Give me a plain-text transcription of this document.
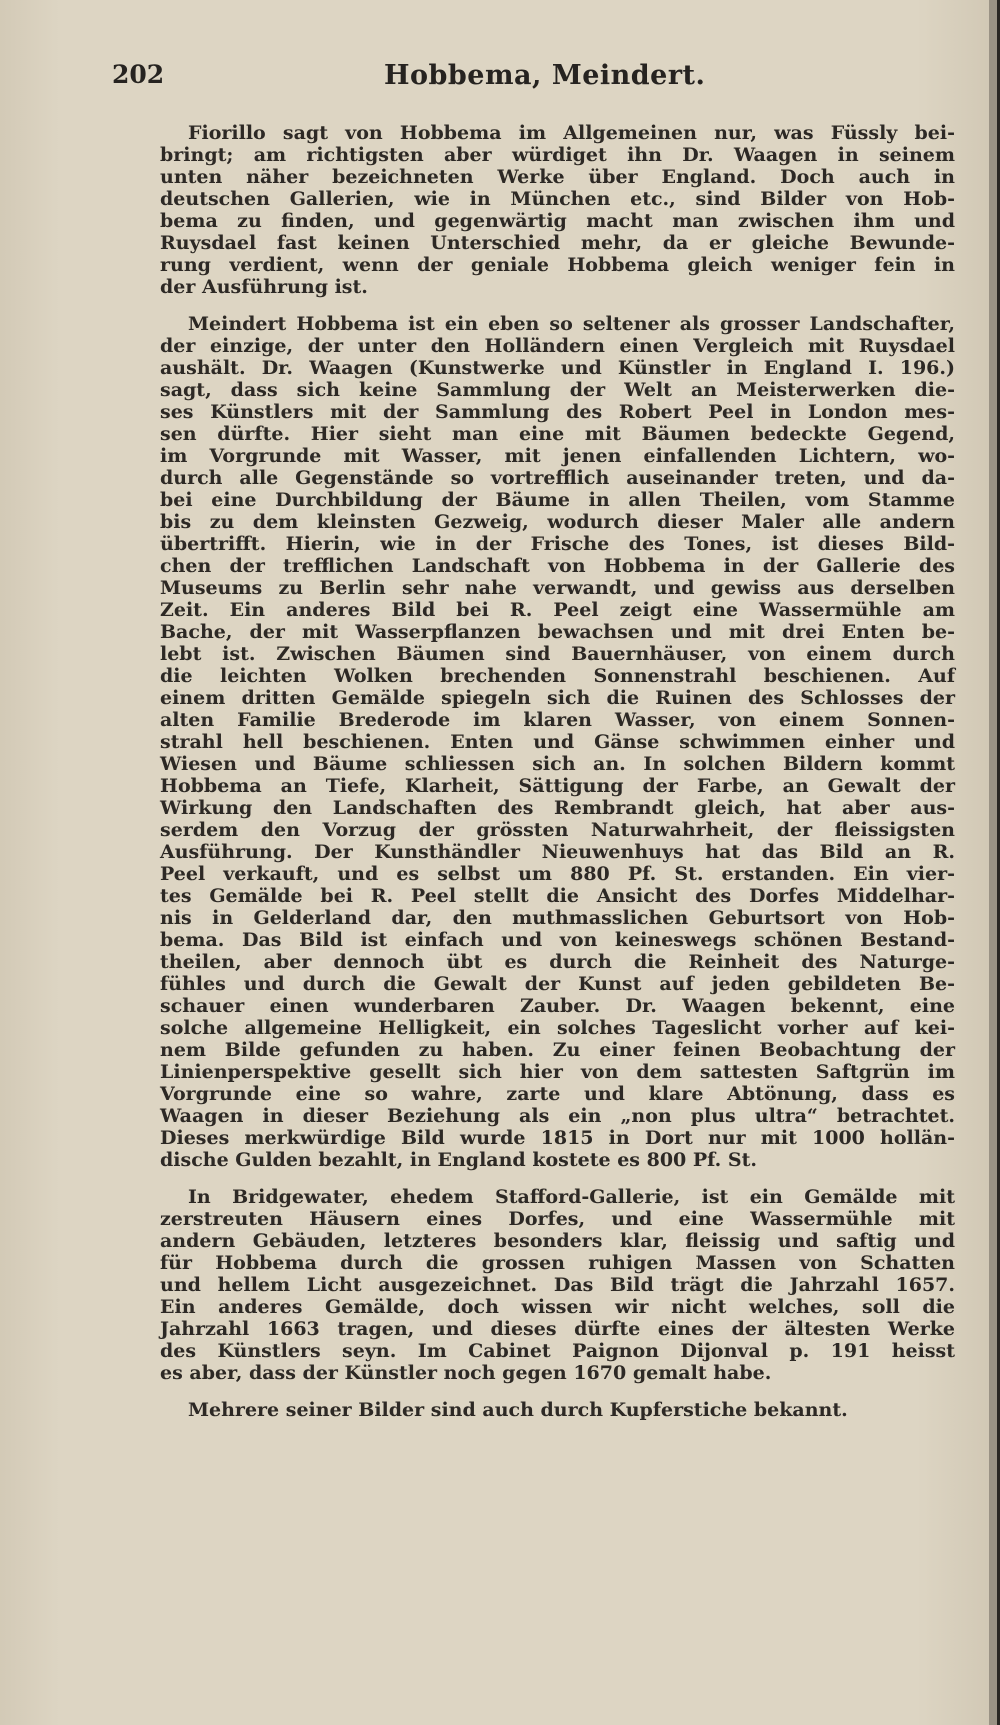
202	Hobbema, Meindert.
Fiorillo sagt von Hobbema im Allgemeinen nur, was Füssly bei-
bringt; am richtigsten aber würdiget ihn Dr. Waagen in seinem
unten näher bezeichneten Werke über England. Doch auch in
deutschen Gallerien, wie in München etc., sind Bilder von Hob-
bema zu finden, und gegenwärtig macht man zwischen ihm und
Ruysdael fast keinen Unterschied mehr, da er gleiche Bewunde-
rung verdient, wenn der geniale Hobbema gleich weniger fein in
der Ausführung ist.
Meindert Hobbema ist ein eben so seltener als grosser Landschafter,
der einzige, der unter den Holländern einen Vergleich mit Ruysdael
aushält. Dr. Waagen (Kunstwerke und Künstler in England I. 196.)
sagt, dass sich keine Sammlung der Welt an Meisterwerken die-
ses Künstlers mit der Sammlung des Robert Peel in London mes-
sen dürfte. Hier sieht man eine mit Bäumen bedeckte Gegend,
im Vorgrunde mit Wasser, mit jenen einfallenden Lichtern, wo-
durch alle Gegenstände so vortrefflich auseinander treten, und da-
bei eine Durchbildung der Bäume in allen Theilen, vom Stamme
bis zu dem kleinsten Gezweig, wodurch dieser Maler alle andern
übertrifft. Hierin, wie in der Frische des Tones, ist dieses Bild-
chen der trefflichen Landschaft von Hobbema in der Gallerie des
Museums zu Berlin sehr nahe verwandt, und gewiss aus derselben
Zeit. Ein anderes Bild bei R. Peel zeigt eine Wassermühle am
Bache, der mit Wasserpflanzen bewachsen und mit drei Enten be-
lebt ist. Zwischen Bäumen sind Bauernhäuser, von einem durch
die leichten Wolken brechenden Sonnenstrahl beschienen. Auf
einem dritten Gemälde spiegeln sich die Ruinen des Schlosses der
alten Familie Brederode im klaren Wasser, von einem Sonnen-
strahl hell beschienen. Enten und Gänse schwimmen einher und
Wiesen und Bäume schliessen sich an. In solchen Bildern kommt
Hobbema an Tiefe, Klarheit, Sättigung der Farbe, an Gewalt der
Wirkung den Landschaften des Rembrandt gleich, hat aber aus-
serdem den Vorzug der grössten Naturwahrheit, der fleissigsten
Ausführung. Der Kunsthändler Nieuwenhuys hat das Bild an R.
Peel verkauft, und es selbst um 880 Pf. St. erstanden. Ein vier-
tes Gemälde bei R. Peel stellt die Ansicht des Dorfes Middelhar-
nis in Gelderland dar, den muthmasslichen Geburtsort von Hob-
bema. Das Bild ist einfach und von keineswegs schönen Bestand-
theilen, aber dennoch übt es durch die Reinheit des Naturge-
fühles und durch die Gewalt der Kunst auf jeden gebildeten Be-
schauer einen wunderbaren Zauber. Dr. Waagen bekennt, eine
solche allgemeine Helligkeit, ein solches Tageslicht vorher auf kei-
nem Bilde gefunden zu haben. Zu einer feinen Beobachtung der
Linienperspektive gesellt sich hier von dem sattesten Saftgrün im
Vorgrunde eine so wahre, zarte und klare Abtönung, dass es
Waagen in dieser Beziehung als ein „non plus ultra“ betrachtet.
Dieses merkwürdige Bild wurde 1815 in Dort nur mit 1000 hollän-
dische Gulden bezahlt, in England kostete es 800 Pf. St.
In Bridgewater, ehedem Stafford-Gallerie, ist ein Gemälde mit
zerstreuten Häusern eines Dorfes, und eine Wassermühle mit
andern Gebäuden, letzteres besonders klar, fleissig und saftig und
für Hobbema durch die grossen ruhigen Massen von Schatten
und hellem Licht ausgezeichnet. Das Bild trägt die Jahrzahl 1657.
Ein anderes Gemälde, doch wissen wir nicht welches, soll die
Jahrzahl 1663 tragen, und dieses dürfte eines der ältesten Werke
des Künstlers seyn. Im Cabinet Paignon Dijonval p. 191 heisst
es aber, dass der Künstler noch gegen 1670 gemalt habe.
Mehrere seiner Bilder sind auch durch Kupferstiche bekannt.
